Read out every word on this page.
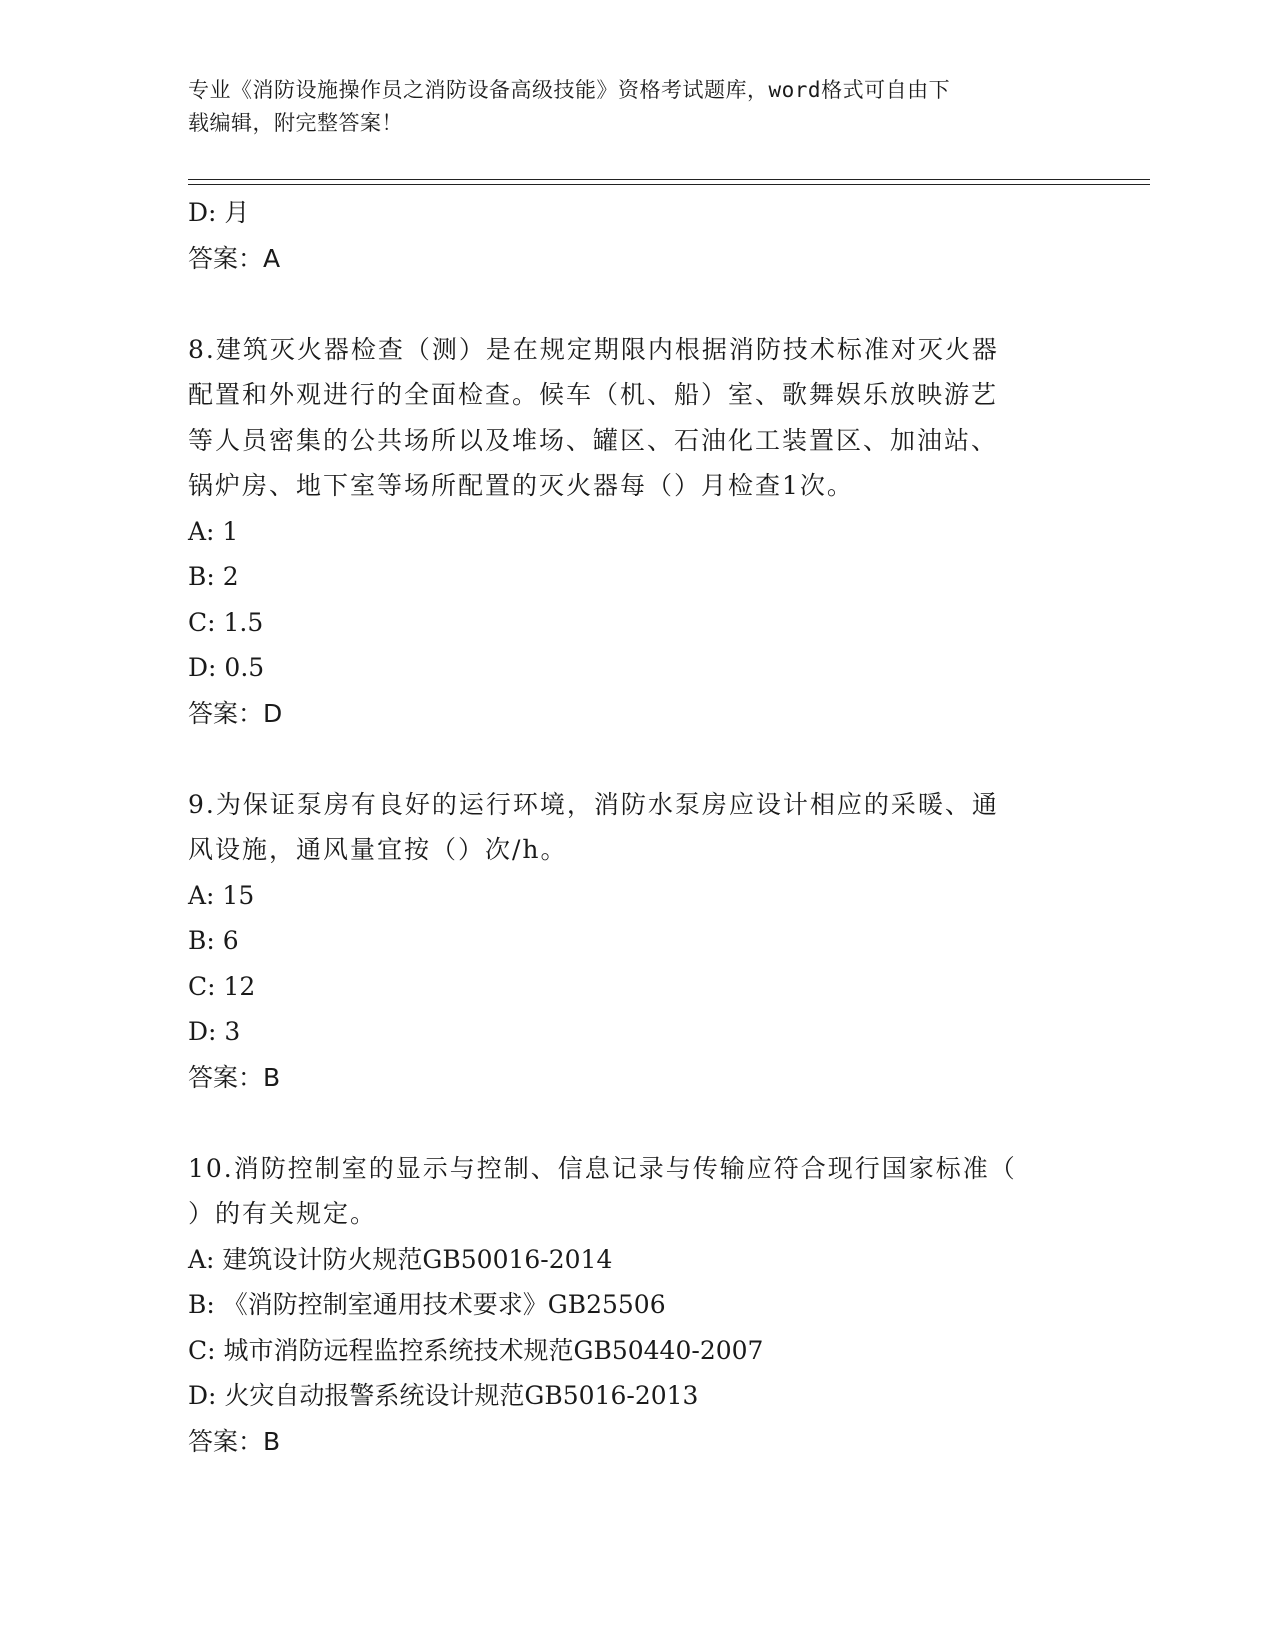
专业《消防设施操作员之消防设备高级技能》资格考试题库，word格式可自由下
载编辑，附完整答案！

D: 月

答案：A

8.建筑灭火器检查（测）是在规定期限内根据消防技术标准对灭火器

配置和外观进行的全面检查。候车（机、船）室、歌舞娱乐放映游艺

等人员密集的公共场所以及堆场、罐区、石油化工装置区、加油站、

锅炉房、地下室等场所配置的灭火器每（）月检查1次。

A: 1

B: 2

C: 1.5

D: 0.5

答案：D

9.为保证泵房有良好的运行环境，消防水泵房应设计相应的采暖、通

风设施，通风量宜按（）次/h。

A: 15

B: 6

C: 12

D: 3

答案：B

10.消防控制室的显示与控制、信息记录与传输应符合现行国家标准（

）的有关规定。

A: 建筑设计防火规范GB50016-2014

B: 《消防控制室通用技术要求》GB25506

C: 城市消防远程监控系统技术规范GB50440-2007

D: 火灾自动报警系统设计规范GB5016-2013

答案：B
